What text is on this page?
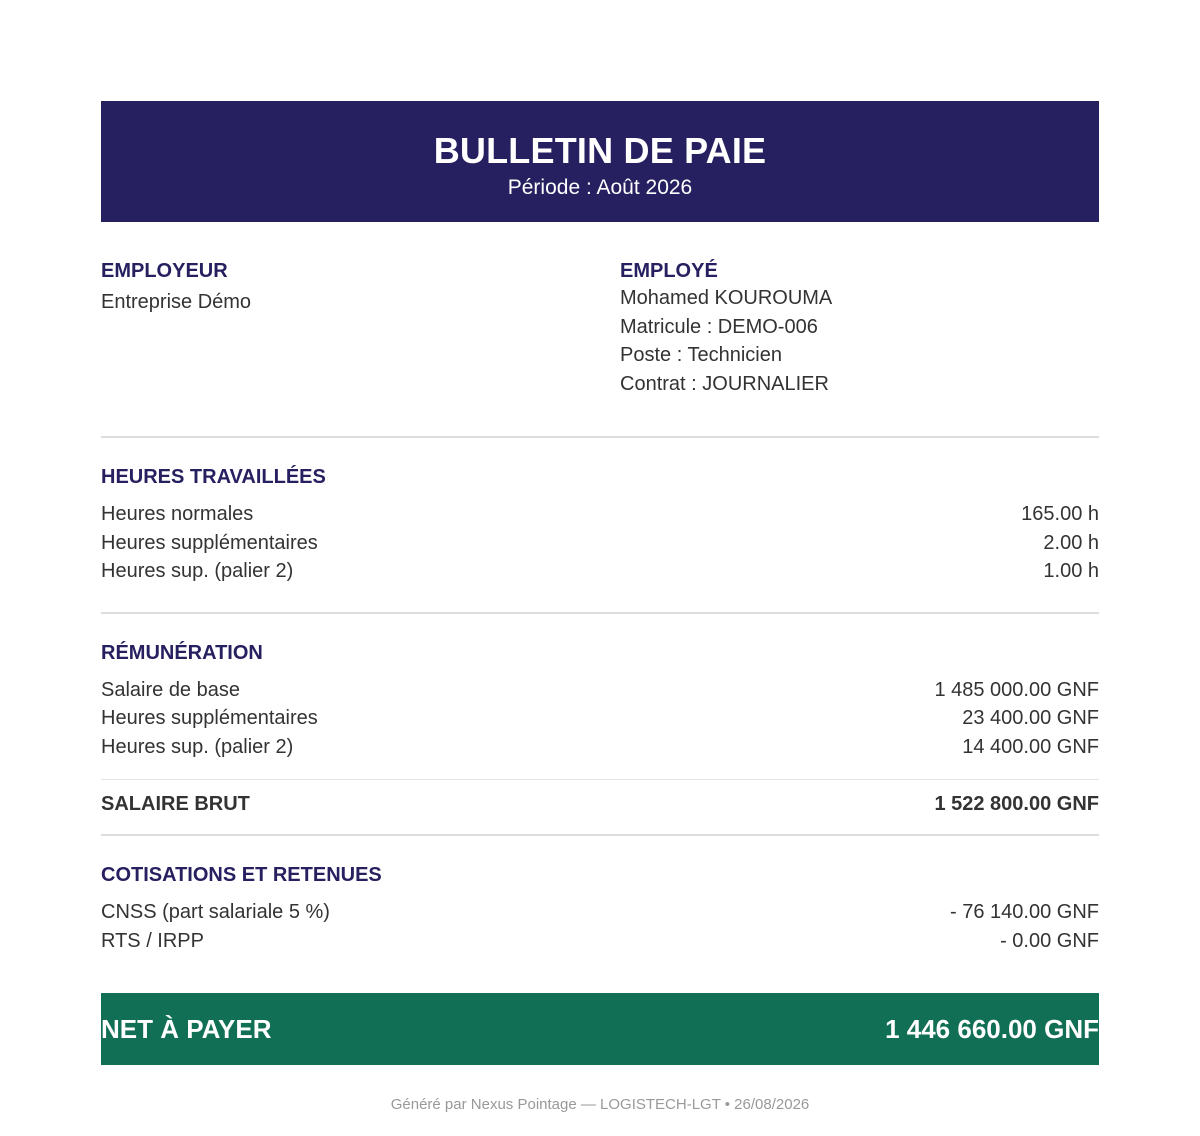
BULLETIN DE PAIE
Période : Août 2026
EMPLOYEUR
Entreprise Démo
EMPLOYÉ
Mohamed KOUROUMA
Matricule : DEMO-006
Poste : Technicien
Contrat : JOURNALIER
HEURES TRAVAILLÉES
Heures normales	165.00 h
Heures supplémentaires	2.00 h
Heures sup. (palier 2)	1.00 h
RÉMUNÉRATION
Salaire de base	1 485 000.00 GNF
Heures supplémentaires	23 400.00 GNF
Heures sup. (palier 2)	14 400.00 GNF
SALAIRE BRUT	1 522 800.00 GNF
COTISATIONS ET RETENUES
CNSS (part salariale 5 %)	- 76 140.00 GNF
RTS / IRPP	- 0.00 GNF
NET À PAYER	1 446 660.00 GNF
Généré par Nexus Pointage — LOGISTECH-LGT • 26/08/2026
